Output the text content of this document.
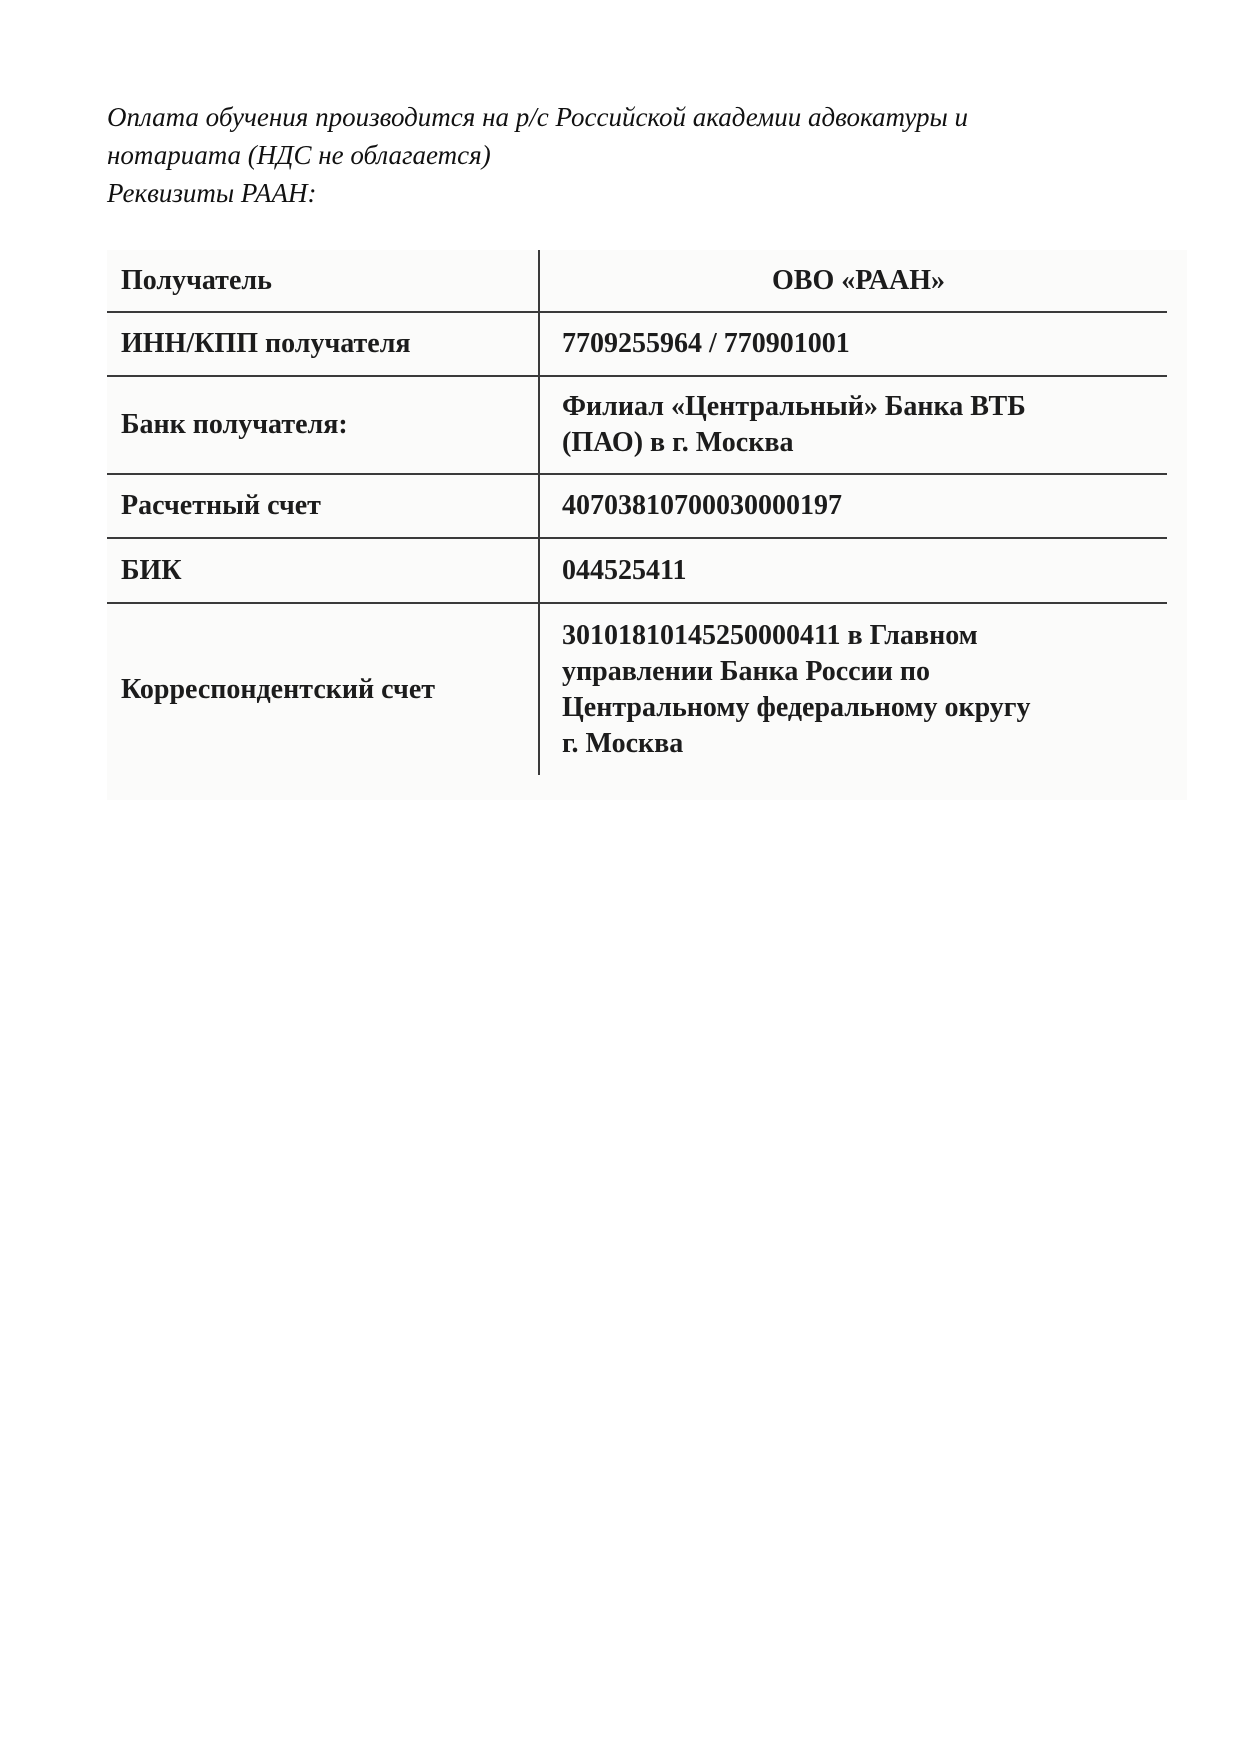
Оплата обучения производится на р/с Российской академии адвокатуры и
нотариата (НДС не облагается)
Реквизиты РААН:
Получатель	ОВО «РААН»

ИНН/КПП получателя	7709255964 / 770901001

Банк получателя:	Филиал «Центральный» Банка ВТБ
(ПАО) в г. Москва

Расчетный счет	40703810700030000197

БИК	044525411

Корреспондентский счет	30101810145250000411 в Главном
управлении Банка России по
Центральному федеральному округу
г. Москва
